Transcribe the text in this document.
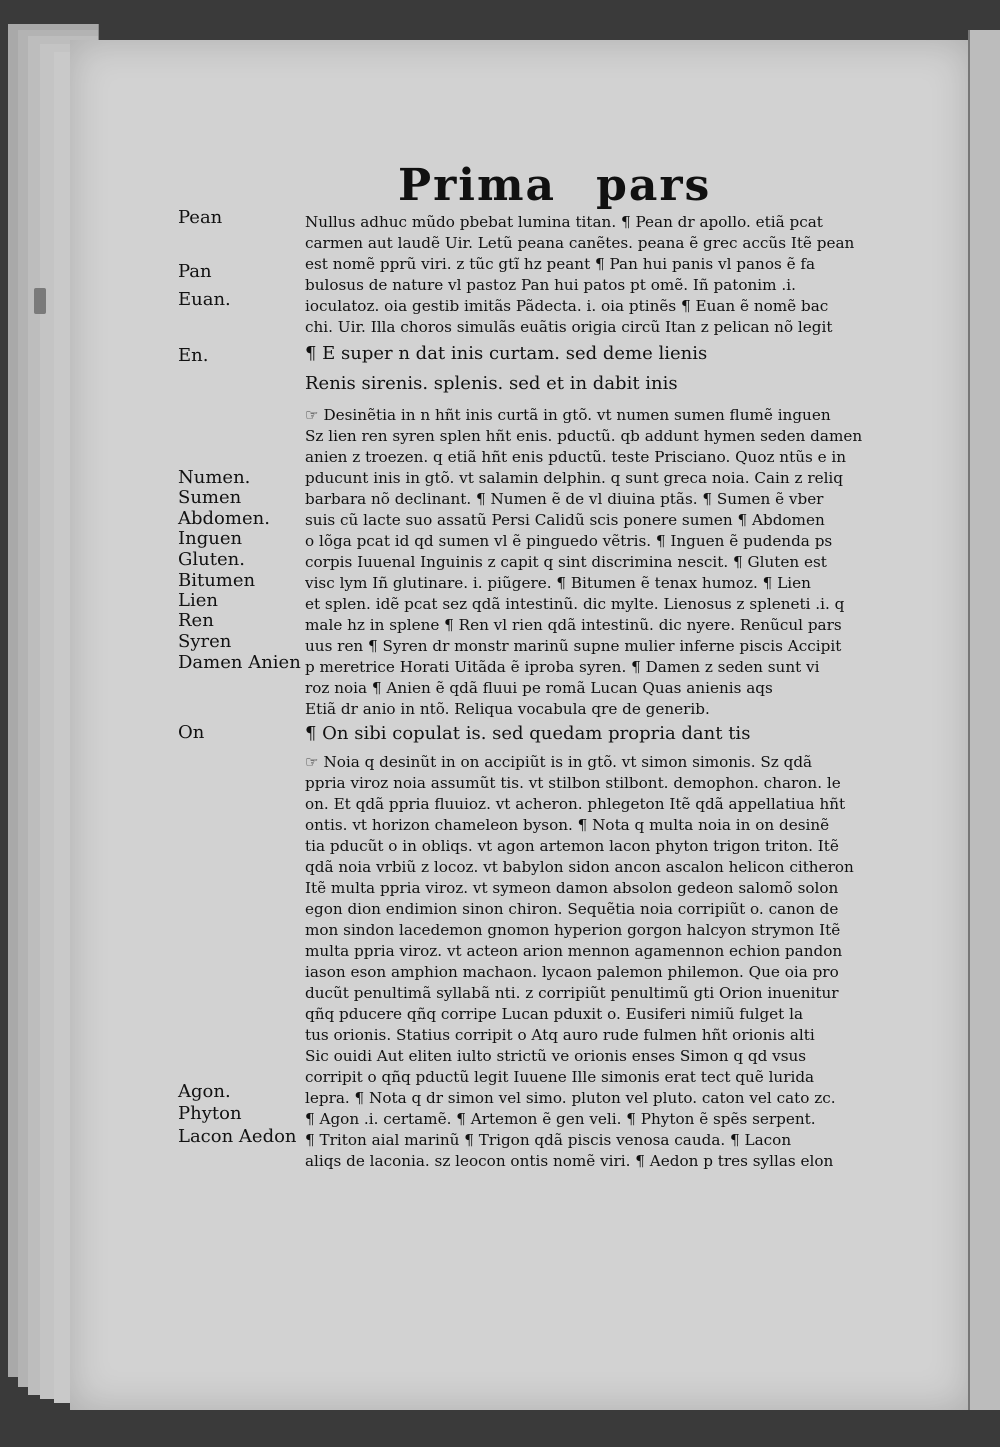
Prima pars
Pean
Pan
Euan.
En.
Numen.
Sumen
Abdomen.
Inguen
Gluten.
Bitumen
Lien
Ren
Syren
Damen Anien
On
Agon.
Phyton
Lacon Aedon
Nullus adhuc mũdo pbebat lumina titan. ¶ Pean dr apollo. etiã pcat
carmen aut laudẽ Uir. Letũ peana canẽtes. peana ẽ grec accũs Itẽ pean
est nomẽ pprũ viri. z tũc gtĩ hz peant ¶ Pan hui panis vl panos ẽ fa
bulosus de nature vl pastoz Pan hui patos pt omẽ. Iñ patonim .i.
ioculatoz. oia gestib imitãs Pãdecta. i. oia ptinẽs ¶ Euan ẽ nomẽ bac
chi. Uir. Illa choros simulãs euãtis origia circũ Itan z pelican nõ legit
¶ E super n dat inis curtam. sed deme lienis
Renis sirenis. splenis. sed et in dabit inis
☞ Desinẽtia in n hñt inis curtã in gtõ. vt numen sumen flumẽ inguen
Sz lien ren syren splen hñt enis. pductũ. qb addunt hymen seden damen
anien z troezen. q etiã hñt enis pductũ. teste Prisciano. Quoz ntũs e in
pducunt inis in gtõ. vt salamin delphin. q sunt greca noia. Cain z reliq
barbara nõ declinant. ¶ Numen ẽ de vl diuina ptãs. ¶ Sumen ẽ vber
suis cũ lacte suo assatũ Persi Calidũ scis ponere sumen ¶ Abdomen
o lõga pcat id qd sumen vl ẽ pinguedo vẽtris. ¶ Inguen ẽ pudenda ps
corpis Iuuenal Inguinis z capit q sint discrimina nescit. ¶ Gluten est
visc lym Iñ glutinare. i. piũgere. ¶ Bitumen ẽ tenax humoz. ¶ Lien
et splen. idẽ pcat sez qdã intestinũ. dic mylte. Lienosus z spleneti .i. q
male hz in splene ¶ Ren vl rien qdã intestinũ. dic nyere. Renũcul pars
uus ren ¶ Syren dr monstr marinũ supne mulier inferne piscis Accipit
p meretrice Horati Uitãda ẽ iproba syren. ¶ Damen z seden sunt vi
roz noia ¶ Anien ẽ qdã fluui pe romã Lucan Quas anienis aqs
Etiã dr anio in ntõ. Reliqua vocabula qre de generib.
¶ On sibi copulat is. sed quedam propria dant tis
☞ Noia q desinũt in on accipiũt is in gtõ. vt simon simonis. Sz qdã
ppria viroz noia assumũt tis. vt stilbon stilbont. demophon. charon. le
on. Et qdã ppria fluuioz. vt acheron. phlegeton Itẽ qdã appellatiua hñt
ontis. vt horizon chameleon byson. ¶ Nota q multa noia in on desinẽ
tia pducũt o in obliqs. vt agon artemon lacon phyton trigon triton. Itẽ
qdã noia vrbiũ z locoz. vt babylon sidon ancon ascalon helicon citheron
Itẽ multa ppria viroz. vt symeon damon absolon gedeon salomõ solon
egon dion endimion sinon chiron. Sequẽtia noia corripiũt o. canon de
mon sindon lacedemon gnomon hyperion gorgon halcyon strymon Itẽ
multa ppria viroz. vt acteon arion mennon agamennon echion pandon
iason eson amphion machaon. lycaon palemon philemon. Que oia pro
ducũt penultimã syllabã nti. z corripiũt penultimũ gti Orion inuenitur
qñq pducere qñq corripe Lucan pduxit o. Eusiferi nimiũ fulget la
tus orionis. Statius corripit o Atq auro rude fulmen hñt orionis alti
Sic ouidi Aut eliten iulto strictũ ve orionis enses Simon q qd vsus
corripit o qñq pductũ legit Iuuene Ille simonis erat tect quẽ lurida
lepra. ¶ Nota q dr simon vel simo. pluton vel pluto. caton vel cato zc.
¶ Agon .i. certamẽ. ¶ Artemon ẽ gen veli. ¶ Phyton ẽ spẽs serpent.
¶ Triton aial marinũ ¶ Trigon qdã piscis venosa cauda. ¶ Lacon
aliqs de laconia. sz leocon ontis nomẽ viri. ¶ Aedon p tres syllas elon
